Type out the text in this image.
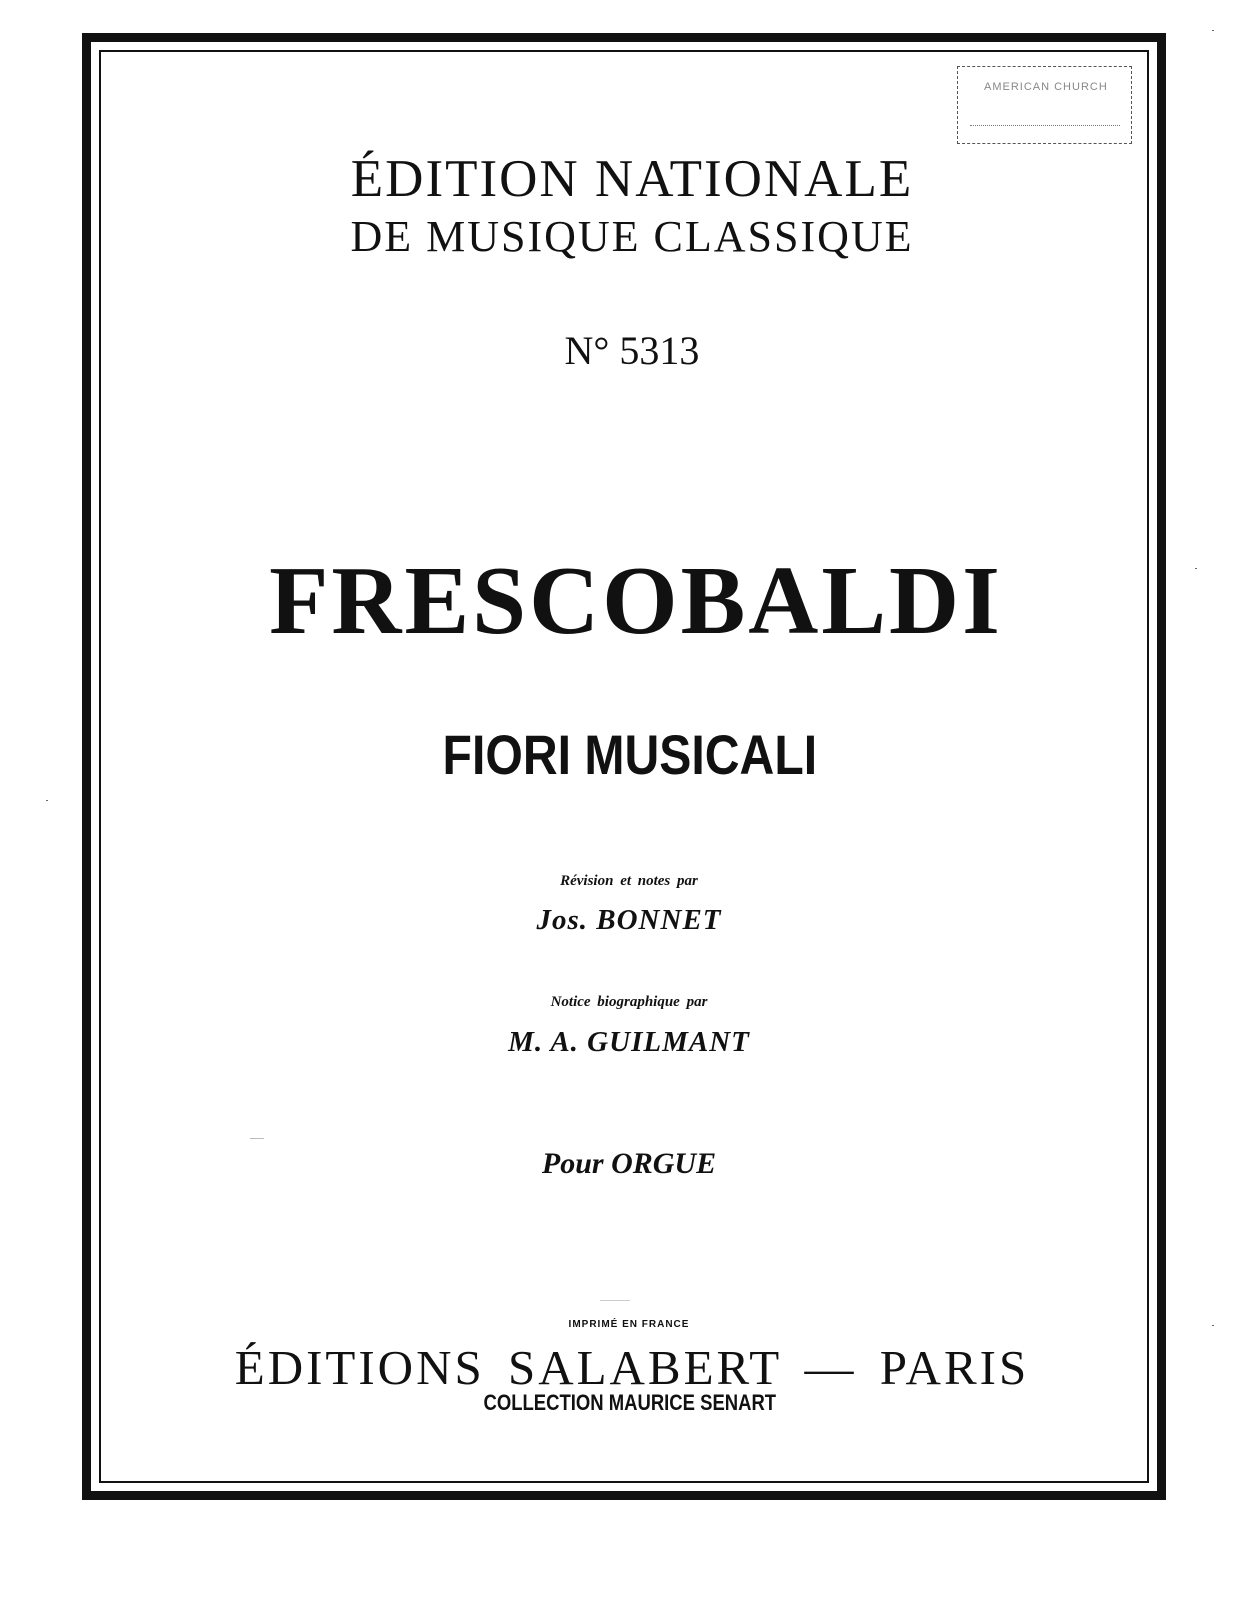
AMERICAN CHURCH
ÉDITION NATIONALE
DE MUSIQUE CLASSIQUE
N° 5313
FRESCOBALDI
FIORI MUSICALI
Révision et notes par
Jos. BONNET
Notice biographique par
M. A. GUILMANT
Pour ORGUE
IMPRIMÉ EN FRANCE
ÉDITIONS SALABERT — PARIS
COLLECTION MAURICE SENART
